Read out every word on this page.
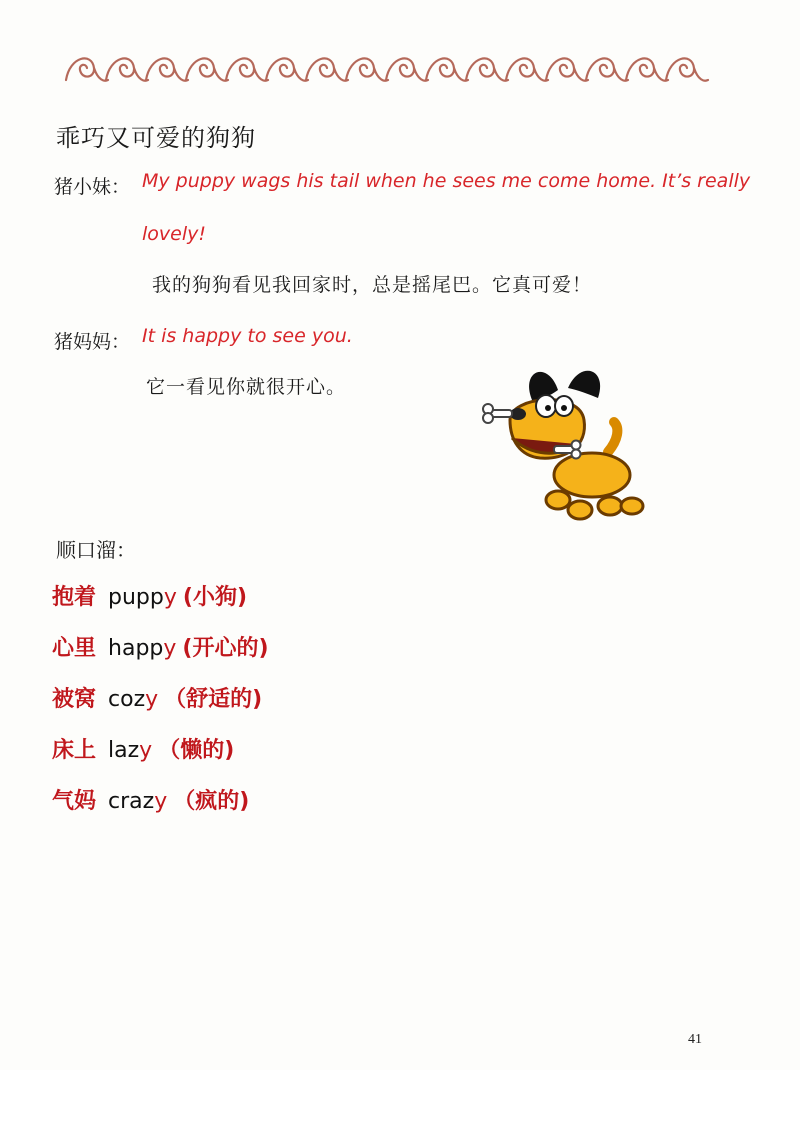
乖巧又可爱的狗狗
猪小妹： My puppy wags his tail when he sees me come home. It’s really
lovely!
我的狗狗看见我回家时，总是摇尾巴。它真可爱！
猪妈妈： It is happy to see you.
它一看见你就很开心。
顺口溜：
抱着 puppy (小狗)
心里 happy (开心的)
被窝 cozy （舒适的)
床上 lazy （懒的)
气妈 crazy （疯的)
41
